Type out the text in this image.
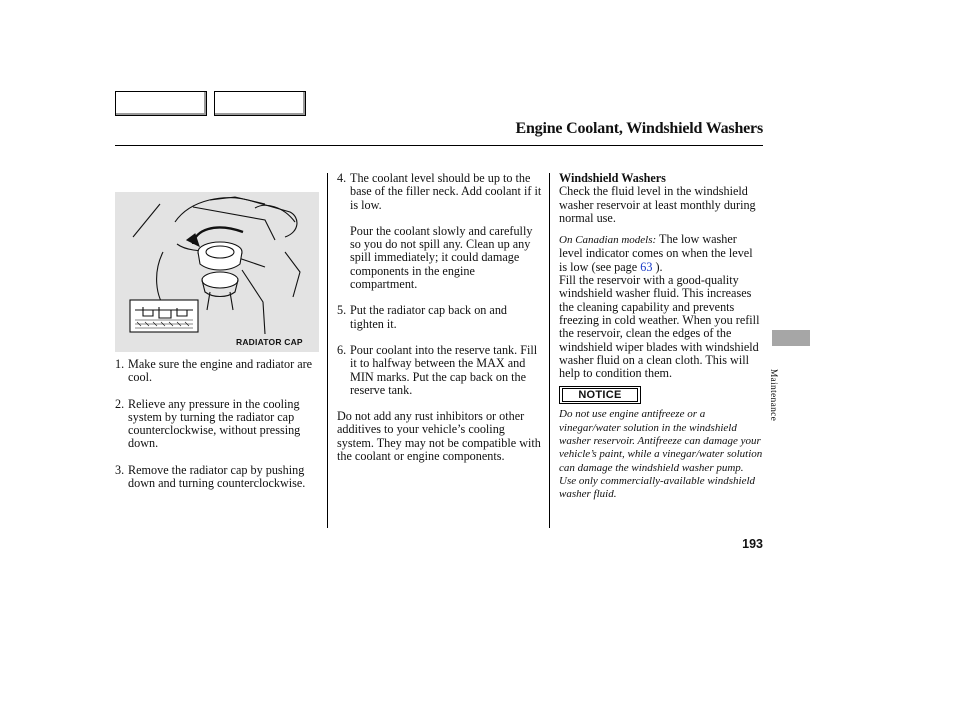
Engine Coolant, Windshield Washers
RADIATOR CAP
1. Make sure the engine and radiator are cool.
2. Relieve any pressure in the cooling system by turning the radiator cap counterclockwise, without pressing down.
3. Remove the radiator cap by pushing down and turning counterclockwise.
4. The coolant level should be up to the base of the filler neck. Add coolant if it is low.
Pour the coolant slowly and carefully so you do not spill any. Clean up any spill immediately; it could damage components in the engine compartment.
5. Put the radiator cap back on and tighten it.
6. Pour coolant into the reserve tank. Fill it to halfway between the MAX and MIN marks. Put the cap back on the reserve tank.
Do not add any rust inhibitors or other additives to your vehicle’s cooling system. They may not be compatible with the coolant or engine components.
Windshield Washers
Check the fluid level in the windshield washer reservoir at least monthly during normal use.
On Canadian models: The low washer level indicator comes on when the level is low (see page 63 ).
Fill the reservoir with a good-quality windshield washer fluid. This increases the cleaning capability and prevents freezing in cold weather. When you refill the reservoir, clean the edges of the windshield wiper blades with windshield washer fluid on a clean cloth. This will help to condition them.
NOTICE
Do not use engine antifreeze or a vinegar/water solution in the windshield washer reservoir. Antifreeze can damage your vehicle’s paint, while a vinegar/water solution can damage the windshield washer pump. Use only commercially-available windshield washer fluid.
Maintenance
193
